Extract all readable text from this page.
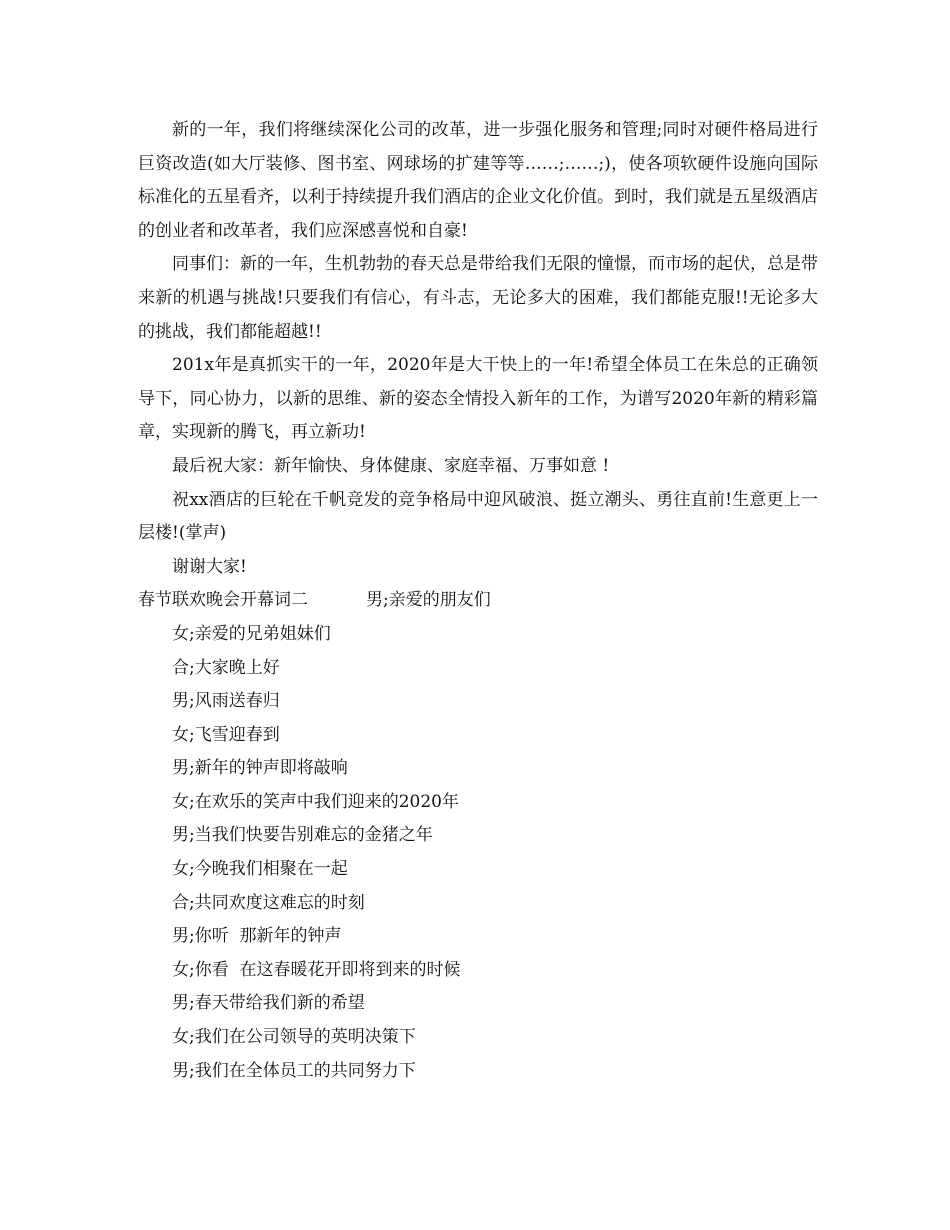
新的一年，我们将继续深化公司的改革，进一步强化服务和管理;同时对硬件格局进行巨资改造(如大厅装修、图书室、网球场的扩建等等……;……;)，使各项软硬件设施向国际标准化的五星看齐，以利于持续提升我们酒店的企业文化价值。到时，我们就是五星级酒店的创业者和改革者，我们应深感喜悦和自豪!

同事们：新的一年，生机勃勃的春天总是带给我们无限的憧憬，而市场的起伏，总是带来新的机遇与挑战!只要我们有信心，有斗志，无论多大的困难，我们都能克服!!无论多大的挑战，我们都能超越!!

201x年是真抓实干的一年，2020年是大干快上的一年!希望全体员工在朱总的正确领导下，同心协力，以新的思维、新的姿态全情投入新年的工作，为谱写2020年新的精彩篇章，实现新的腾飞，再立新功!

最后祝大家：新年愉快、身体健康、家庭幸福、万事如意 !

祝xx酒店的巨轮在千帆竞发的竞争格局中迎风破浪、挺立潮头、勇往直前!生意更上一层楼!(掌声)

谢谢大家!

春节联欢晚会开幕词二	男;亲爱的朋友们

女;亲爱的兄弟姐妹们

合;大家晚上好

男;风雨送春归

女;飞雪迎春到

男;新年的钟声即将敲响

女;在欢乐的笑声中我们迎来的2020年

男;当我们快要告别难忘的金猪之年

女;今晚我们相聚在一起

合;共同欢度这难忘的时刻

男;你听  那新年的钟声

女;你看  在这春暖花开即将到来的时候

男;春天带给我们新的希望

女;我们在公司领导的英明决策下

男;我们在全体员工的共同努力下
